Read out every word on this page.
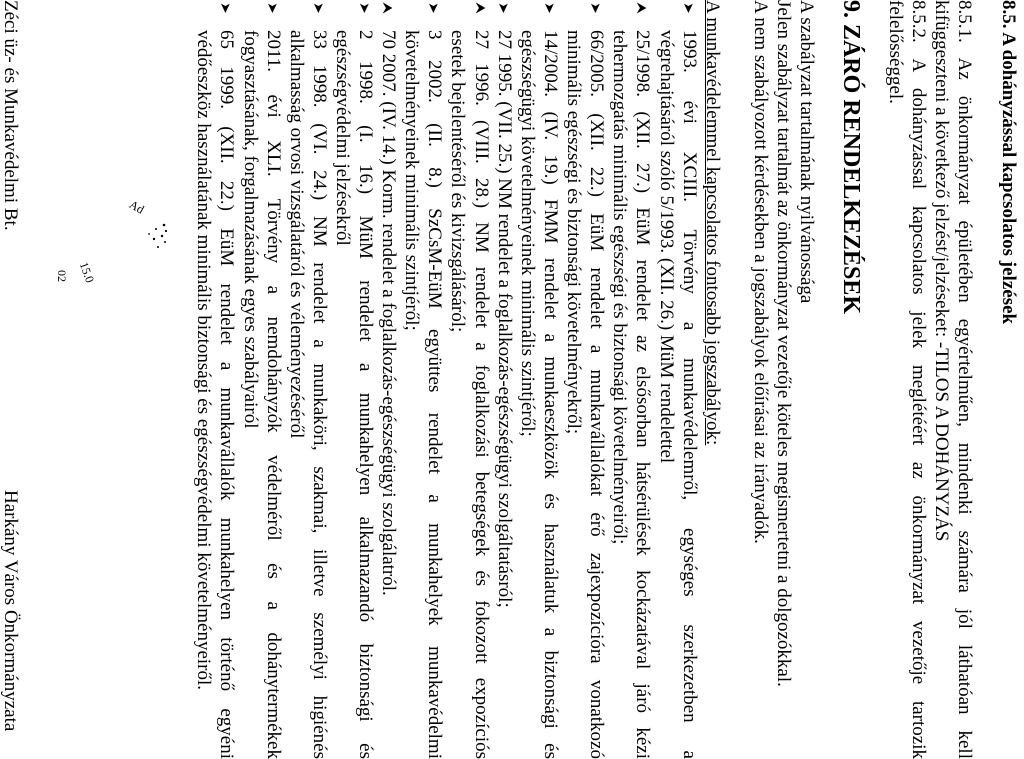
8.5. A dohányzással kapcsolatos jelzések
8.5.1. Az önkormányzat épületében egyértelműen, mindenki számára jól láthatóan kell
kifüggeszteni a következő jelzést/jelzéseket: -TILOS A DOHÁNYZÁS
8.5.2. A dohányzással kapcsolatos jelek meglétéért az önkormányzat vezetője tartozik
felelősséggel.
9. ZÁRÓ RENDELKEZÉSEK
A szabályzat tartalmának nyilvánossága
Jelen szabályzat tartalmát az önkormányzat vezetője köteles megismertetni a dolgozókkal.
A nem szabályozott kérdésekben a jogszabályok előírásai az irányadók.
A munkavédelemmel kapcsolatos fontosabb jogszabályok:
➤1993. évi XCIII. Törvény a munkavédelemről, egységes szerkezetben a
végrehajtásáról szóló 5/1993. (XII. 26.) MüM rendelettel
⮝25/1998. (XII. 27.) EüM rendelet az elsősorban hátsérülések kockázatával járó kézi
tehermozgatás minimális egészségi és biztonsági követelményeiről;
➤66/2005. (XII. 22.) EüM rendelet a munkavállalókat érő zajexpozícióra vonatkozó
minimális egészségi és biztonsági követelményekről;
➤14/2004. (IV. 19.) FMM rendelet a munkaeszközök és használatuk a biztonsági és
egészségügyi követelményeinek minimális szintjéről;
➤27 1995. (VII. 25.) NM rendelet a foglalkozás-egészségügyi szolgáltatásról;
⮝27 1996. (VIII. 28.) NM rendelet a foglalkozási betegségek és fokozott expozíciós
esetek bejelentéséről és kivizsgálásáról;
➤3 2002. (II. 8.) SzCsM-EüM együttes rendelet a munkahelyek munkavédelmi
követelményeinek minimális szintjéről;
⮝70 2007. (IV. 14.) Korm. rendelet a foglalkozás-egészségügyi szolgálatról.
➤2 1998. (I. 16.) MüM rendelet a munkahelyen alkalmazandó biztonsági és
egészségvédelmi jelzésekről
➤33 1998. (VI. 24.) NM rendelet a munkaköri, szakmai, illetve személyi higiénés
alkalmasság orvosi vizsgálatáról és véleményezéséről
➤2011. évi XLI. Törvény a nemdohányzók védelméről és a dohánytermékek
fogyasztásának, forgalmazásának egyes szabályairól
➤65 1999. (XII. 22.) EüM rendelet a munkavállalók munkahelyen történő egyéni
védőeszköz használatának minimális biztonsági és egészségvédelmi követelményeiről.
Ad
15.0
02
Zéci üz- és Munkavédelmi Bt.
Harkány Város Önkormányzata
